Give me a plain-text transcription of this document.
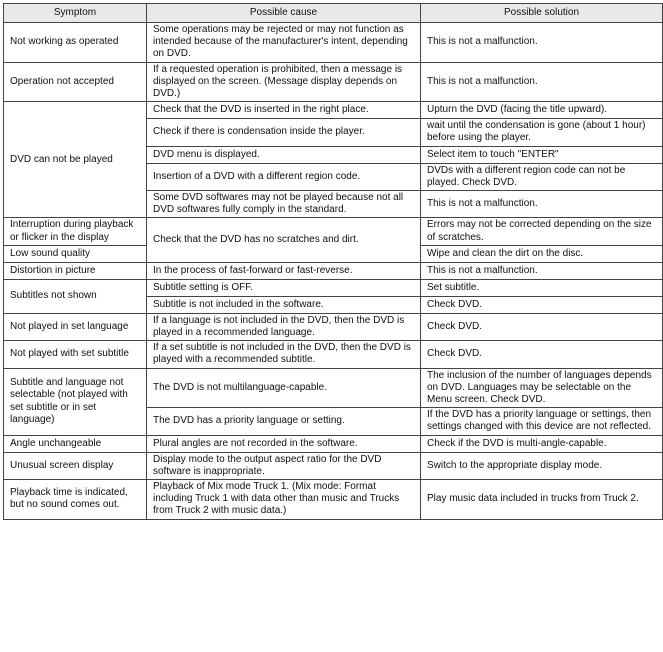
Symptom	Possible cause	Possible solution
Not working as operated	Some operations may be rejected or may not function as intended because of the manufacturer's intent, depending on DVD.	This is not a malfunction.
Operation not accepted	If a requested operation is prohibited, then a message is displayed on the screen. (Message display depends on DVD.)	This is not a malfunction.
DVD can not be played	Check that the DVD is inserted in the right place.	Upturn the DVD (facing the title upward).
	Check if there is condensation inside the player.	wait until the condensation is gone (about 1 hour) before using the player.
	DVD menu is displayed.	Select item to touch "ENTER"
	Insertion of a DVD with a different region code.	DVDs with a different region code can not be played. Check DVD.
	Some DVD softwares may not be played because not all DVD softwares fully comply in the standard.	This is not a malfunction.
Interruption during playback or flicker in the display	Check that the DVD has no scratches and dirt.	Errors may not be corrected depending on the size of scratches.
Low sound quality		Wipe and clean the dirt on the disc.
Distortion in picture	In the process of fast-forward or fast-reverse.	This is not a malfunction.
Subtitles not shown	Subtitle setting is OFF.	Set subtitle.
	Subtitle is not included in the software.	Check DVD.
Not played in set language	If a language is not included in the DVD, then the DVD is played in a recommended language.	Check DVD.
Not played with set subtitle	If a set subtitle is not included in the DVD, then the DVD is played with a recommended subtitle.	Check DVD.
Subtitle and language not selectable (not played with set subtitle or in set language)	The DVD is not multilanguage-capable.	The inclusion of the number of languages depends on DVD. Languages may be selectable on the Menu screen. Check DVD.
	The DVD has a priority language or setting.	If the DVD has a priority language or settings, then settings changed with this device are not reflected.
Angle unchangeable	Plural angles are not recorded in the software.	Check if the DVD is multi-angle-capable.
Unusual screen display	Display mode to the output aspect ratio for the DVD software is inappropriate.	Switch to the appropriate display mode.
Playback time is indicated, but no sound comes out.	Playback of Mix mode Truck 1. (Mix mode: Format including Truck 1 with data other than music and Trucks from Truck 2 with music data.)	Play music data included in trucks from Truck 2.
